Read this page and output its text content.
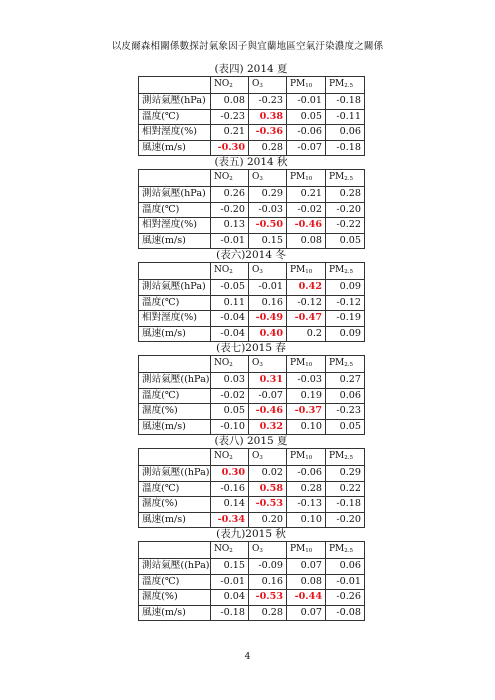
以皮爾森相關係數探討氣象因子與宜蘭地區空氣汙染濃度之關係
(表四) 2014 夏
	NO2	O3	PM10	PM2.5
測站氣壓(hPa)	0.08	-0.23	-0.01	-0.18
溫度(℃)	-0.23	0.38	0.05	-0.11
相對溼度(%)	0.21	-0.36	-0.06	0.06
風速(m/s)	-0.30	0.28	-0.07	-0.18
(表五) 2014 秋
	NO2	O3	PM10	PM2.5
測站氣壓(hPa)	0.26	0.29	0.21	0.28
溫度(℃)	-0.20	-0.03	-0.02	-0.20
相對溼度(%)	0.13	-0.50	-0.46	-0.22
風速(m/s)	-0.01	0.15	0.08	0.05
(表六)2014 冬
	NO2	O3	PM10	PM2.5
測站氣壓(hPa)	-0.05	-0.01	0.42	0.09
溫度(℃)	0.11	0.16	-0.12	-0.12
相對溼度(%)	-0.04	-0.49	-0.47	-0.19
風速(m/s)	-0.04	0.40	0.2	0.09
(表七)2015 春
	NO2	O3	PM10	PM2.5
測站氣壓((hPa)	0.03	0.31	-0.03	0.27
溫度(℃)	-0.02	-0.07	0.19	0.06
濕度(%)	0.05	-0.46	-0.37	-0.23
風速(m/s)	-0.10	0.32	0.10	0.05
(表八) 2015 夏
	NO2	O3	PM10	PM2.5
測站氣壓((hPa)	0.30	0.02	-0.06	0.29
溫度(℃)	-0.16	0.58	0.28	0.22
濕度(%)	0.14	-0.53	-0.13	-0.18
風速(m/s)	-0.34	0.20	0.10	-0.20
(表九)2015 秋
	NO2	O3	PM10	PM2.5
測站氣壓((hPa)	0.15	-0.09	0.07	0.06
溫度(℃)	-0.01	0.16	0.08	-0.01
濕度(%)	0.04	-0.53	-0.44	-0.26
風速(m/s)	-0.18	0.28	0.07	-0.08
4
